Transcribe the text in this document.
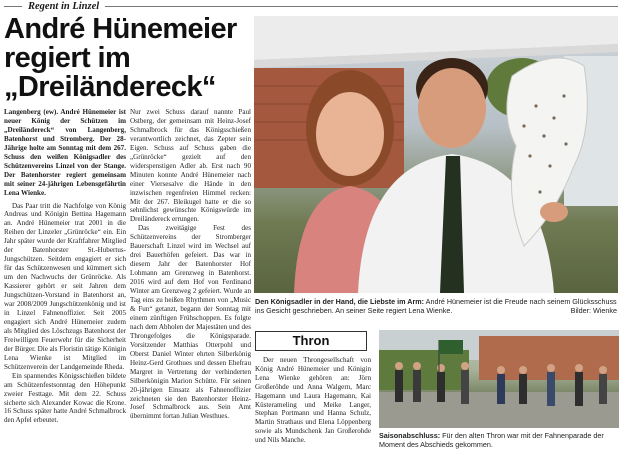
Regent in Linzel
André Hünemeier
regiert im
„Dreiländereck“

Langenberg (ew). André Hünemeier ist neuer König der Schützen im „Dreiländereck“ von Langenberg, Batenhorst und Stromberg. Der 28-Jährige holte am Sonntag mit dem 267. Schuss den weißen Königsadler des Schützenvereins Linzel von der Stange. Der Batenhorster regiert gemeinsam mit seiner 24-jährigen Lebensgefährtin Lena Wienke.

Das Paar tritt die Nachfolge von König Andreas und Königin Bettina Hagemann an. André Hünemeier trat 2001 in die Reihen der Linzeler „Grünröcke“ ein. Ein Jahr später wurde der Kraftfahrer Mitglied der Batenhorster St.-Hubertus-Jungschützen. Seitdem engagiert er sich für das Schützenwesen und kümmert sich um den Nachwuchs der Grünröcke. Als Kassierer gehört er seit Jahren dem Jungschützen-Vorstand in Batenhorst an, war 2008/2009 Jungschützenkönig und ist in Linzel Fahnenoffizier. Seit 2005 engagiert sich André Hünemeier zudem als Mitglied des Löschzugs Batenhorst der Freiwilligen Feuerwehr für die Sicherheit der Bürger. Die als Floristin tätige Königin Lena Wienke ist Mitglied im Schützenverein der Landgemeinde Rheda.

Ein spannendes Königsschießen bildete am Schützenfestsonntag den Höhepunkt zweier Festtage. Mit dem 22. Schuss sicherte sich Alexander Kowac die Krone. 16 Schuss später hatte André Schmalbrock den Apfel erbeutet.

Nur zwei Schuss darauf nannte Paul Ostberg, der gemeinsam mit Heinz-Josef Schmalbrock für das Königsschießen verantwortlich zeichnet, das Zepter sein Eigen. Schuss auf Schuss gaben die „Grünröcke“ gezielt auf den widerspenstigen Adler ab. Erst nach 90 Minuten konnte André Hünemeier nach einer Viersesalve die Hände in den inzwischen regenfreien Himmel recken: Mit der 267. Bleikugel hatte er die so sehnlichst gewünschte Königswürde im Dreiländereck errungen.

Das zweitägige Fest des Schützenvereins der Stromberger Bauerschaft Linzel wird im Wechsel auf drei Bauerhöfen gefeiert. Das war in diesem Jahr der Batenhorster Hof Lohmann am Grenzweg in Batenhorst. 2016 wird auf dem Hof von Ferdinand Winter am Grenzweg 2 gefeiert. Wurde an Tag eins zu heißen Rhythmen von „Music & Fun“ getanzt, begann der Sonntag mit einem zünftigen Frühschoppen. Es folgte nach dem Abholen der Majestäten und des Throngefolges die Königsparade. Vorsitzender Matthias Otterpohl und Oberst Daniel Winter ehrten Silberkönig Heinz-Gerd Grothues und dessen Ehefrau Margret in Vertretung der verhinderten Silberkönigin Marion Schütte. Für seinen 20-jährigen Einsatz als Fahnenoffizier zeichneten sie den Batenhorster Heinz-Josef Schmalbrock aus. Sein Amt übernimmt fortan Julian Westhues.

Den Königsadler in der Hand, die Liebste im Arm: André Hünemeier ist die Freude nach seinem Glücksschuss ins Gesicht geschrieben. An seiner Seite regiert Lena Wienke.	Bilder: Wienke
Thron

Der neuen Throngesellschaft von König André Hünemeier und Königin Lena Wienke gehören an: Jörn Großeröhde und Anna Walgern, Marc Hagemann und Laura Hagemann, Kai Küsterameling und Meike Langer, Stephan Portmann und Hanna Schulz, Martin Strathaus und Elena Löppenberg sowie als Mundschenk Jan Großerohde und Nils Manche.

Saisonabschluss: Für den alten Thron war mit der Fahnenparade der Moment des Abschieds gekommen.
